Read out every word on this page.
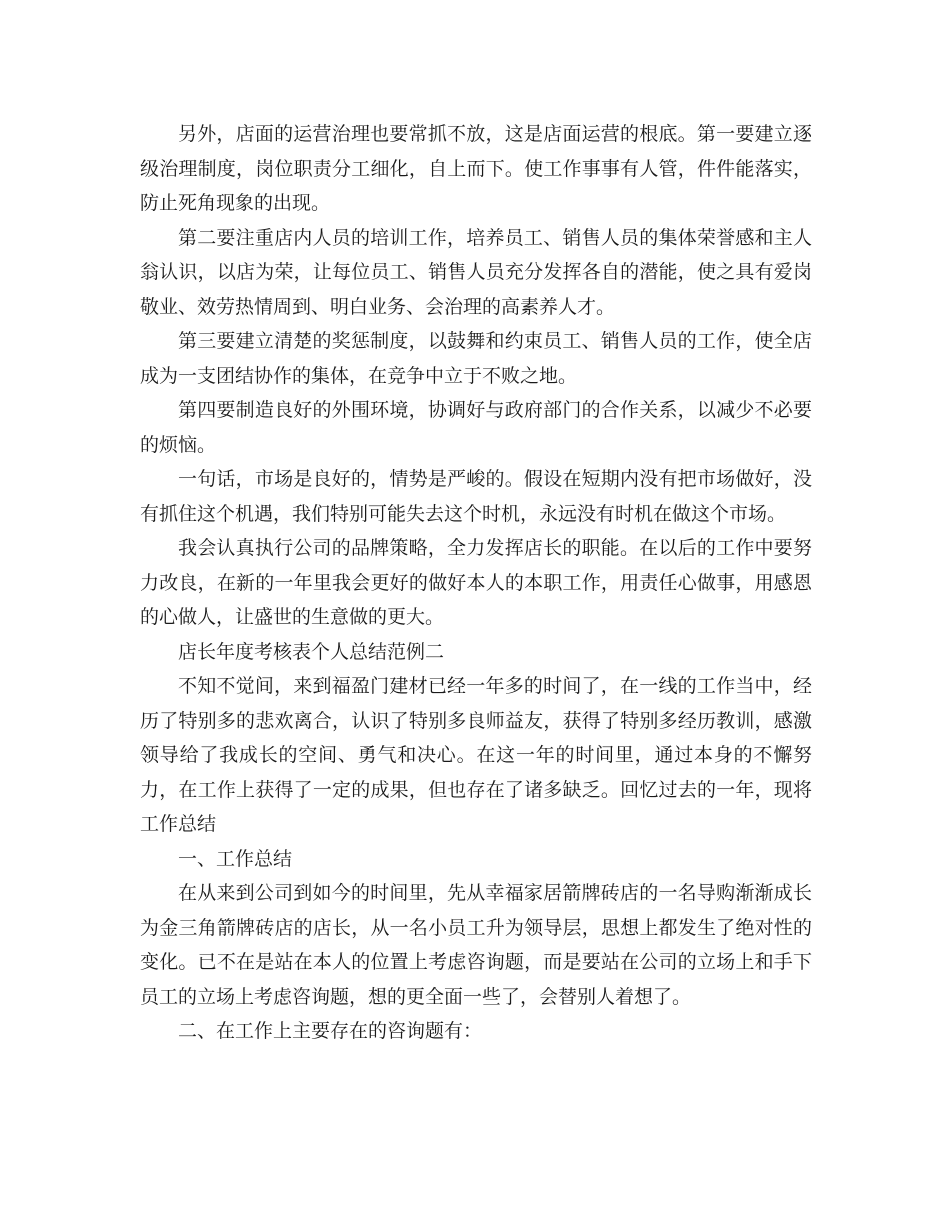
另外，店面的运营治理也要常抓不放，这是店面运营的根底。第一要建立逐级治理制度，岗位职责分工细化，自上而下。使工作事事有人管，件件能落实，防止死角现象的出现。

第二要注重店内人员的培训工作，培养员工、销售人员的集体荣誉感和主人翁认识，以店为荣，让每位员工、销售人员充分发挥各自的潜能，使之具有爱岗敬业、效劳热情周到、明白业务、会治理的高素养人才。

第三要建立清楚的奖惩制度，以鼓舞和约束员工、销售人员的工作，使全店成为一支团结协作的集体，在竞争中立于不败之地。

第四要制造良好的外围环境，协调好与政府部门的合作关系，以减少不必要的烦恼。

一句话，市场是良好的，情势是严峻的。假设在短期内没有把市场做好，没有抓住这个机遇，我们特别可能失去这个时机，永远没有时机在做这个市场。

我会认真执行公司的品牌策略，全力发挥店长的职能。在以后的工作中要努力改良，在新的一年里我会更好的做好本人的本职工作，用责任心做事，用感恩的心做人，让盛世的生意做的更大。

店长年度考核表个人总结范例二

不知不觉间，来到福盈门建材已经一年多的时间了，在一线的工作当中，经历了特别多的悲欢离合，认识了特别多良师益友，获得了特别多经历教训，感激领导给了我成长的空间、勇气和决心。在这一年的时间里，通过本身的不懈努力，在工作上获得了一定的成果，但也存在了诸多缺乏。回忆过去的一年，现将工作总结

一、工作总结

在从来到公司到如今的时间里，先从幸福家居箭牌砖店的一名导购渐渐成长为金三角箭牌砖店的店长，从一名小员工升为领导层，思想上都发生了绝对性的变化。已不在是站在本人的位置上考虑咨询题，而是要站在公司的立场上和手下员工的立场上考虑咨询题，想的更全面一些了，会替别人着想了。

二、在工作上主要存在的咨询题有：
